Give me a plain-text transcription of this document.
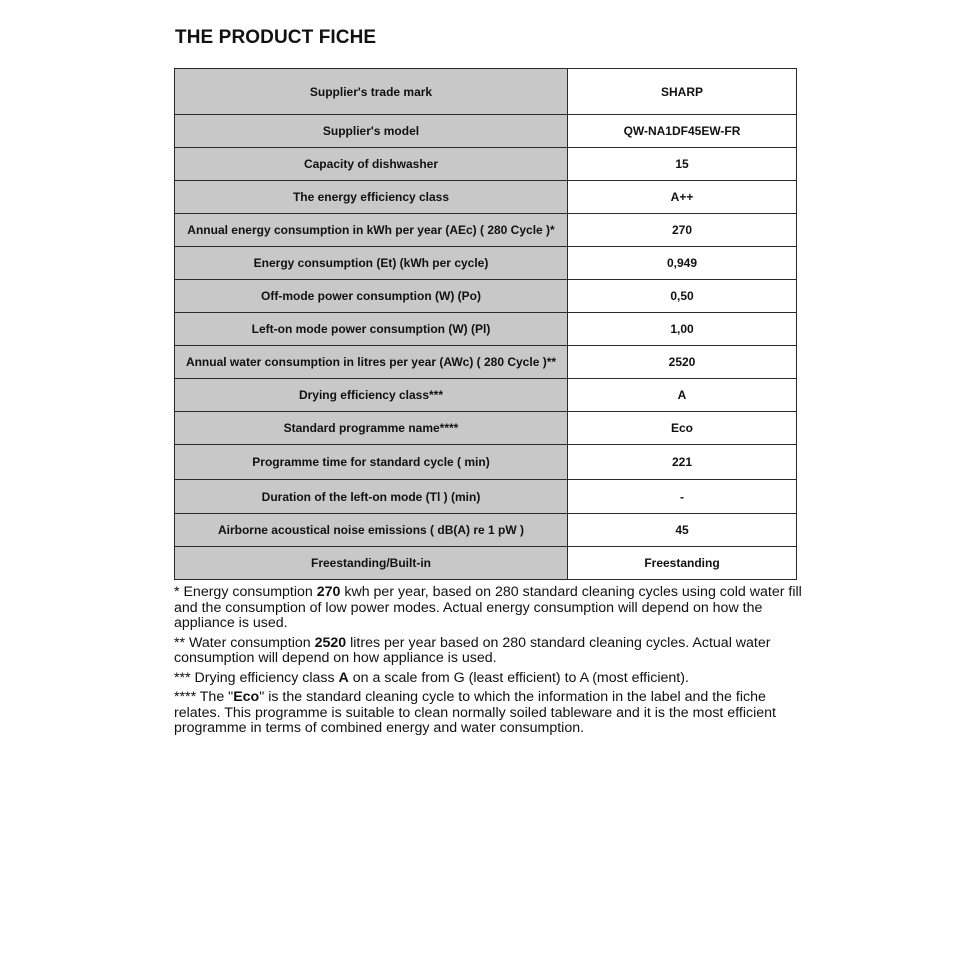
THE PRODUCT FICHE
Supplier's trade mark	SHARP
Supplier's model	QW-NA1DF45EW-FR
Capacity of dishwasher	15
The energy efficiency class	A++
Annual energy consumption in kWh per year (AEc) ( 280 Cycle )*	270
Energy consumption (Et) (kWh per cycle)	0,949
Off-mode power consumption (W) (Po)	0,50
Left-on mode power consumption (W) (Pl)	1,00
Annual water consumption in litres per year (AWc) ( 280 Cycle )**	2520
Drying efficiency class***	A
Standard programme name****	Eco
Programme time for standard cycle ( min)	221
Duration of the left-on mode (Tl ) (min)	-
Airborne acoustical noise emissions ( dB(A) re 1 pW )	45
Freestanding/Built-in	Freestanding

* Energy consumption 270 kwh per year, based on 280 standard cleaning cycles using cold water fill and the consumption of low power modes. Actual energy consumption will depend on how the appliance is used.

** Water consumption 2520 litres per year based on 280 standard cleaning cycles. Actual water consumption will depend on how appliance is used.

*** Drying efficiency class A on a scale from G (least efficient) to A (most efficient).

**** The "Eco" is the standard cleaning cycle to which the information in the label and the fiche relates. This programme is suitable to clean normally soiled tableware and it is the most efficient programme in terms of combined energy and water consumption.
